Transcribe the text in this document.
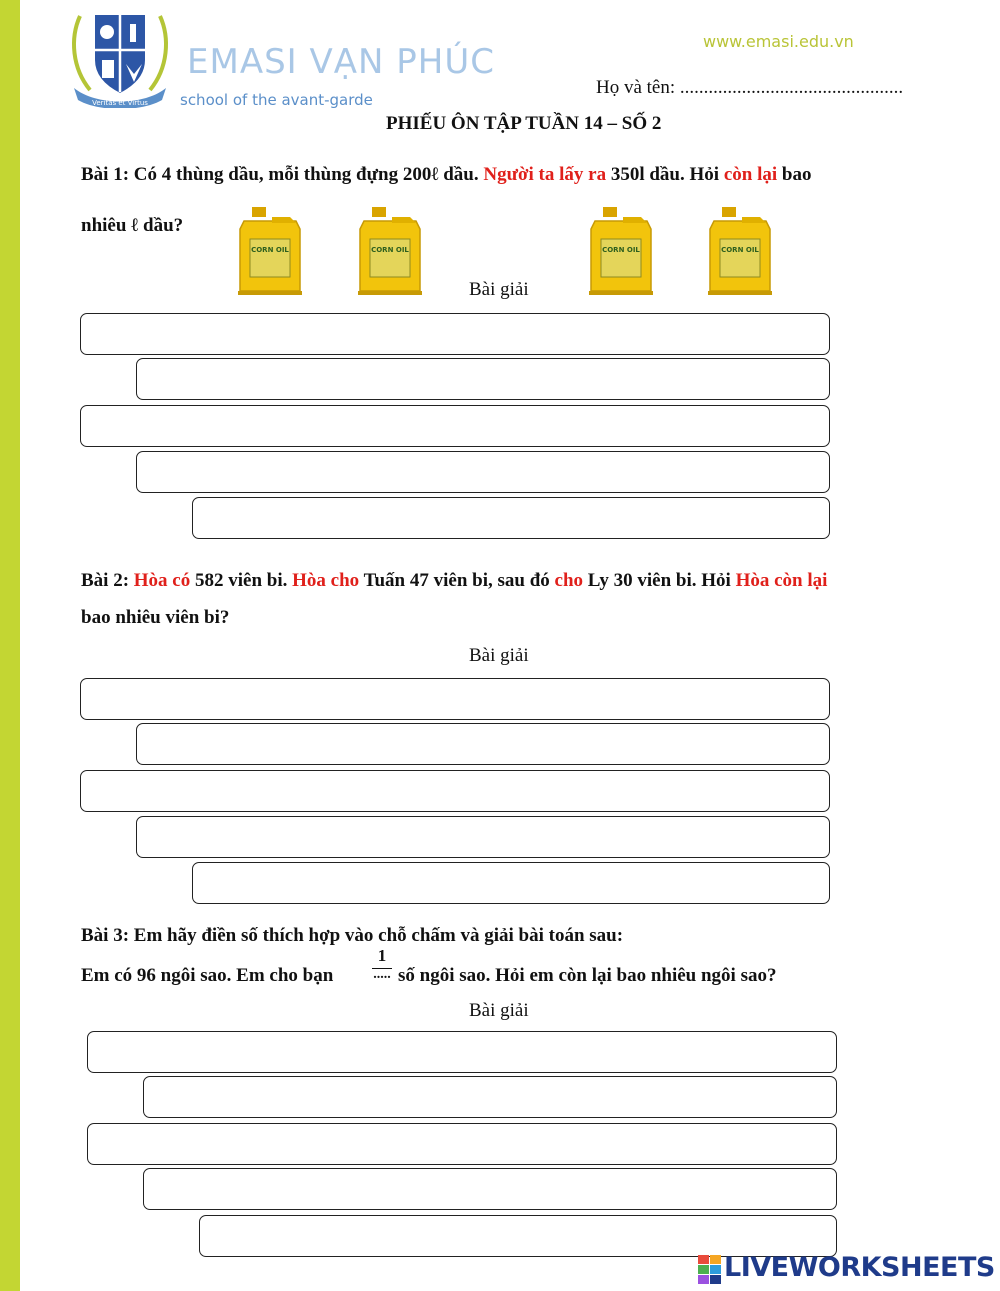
Veritas et Virtus
EMASI VẠN PHÚC
school of the avant-garde
www.emasi.edu.vn
Họ và tên: ...............................................
PHIẾU ÔN TẬP TUẦN 14 – SỐ 2
Bài 1: Có 4 thùng dầu, mỗi thùng đựng 200ℓ dầu. Người ta lấy ra 350l dầu. Hỏi còn lại bao
nhiêu ℓ dầu?
CORN OIL	CORN OIL	CORN OIL	CORN OIL
Bài giải
Bài 2: Hòa có 582 viên bi. Hòa cho Tuấn 47 viên bi, sau đó cho Ly 30 viên bi. Hỏi Hòa còn lại
bao nhiêu viên bi?
Bài giải
Bài 3: Em hãy điền số thích hợp vào chỗ chấm và giải bài toán sau:
Em có 96 ngôi sao. Em cho bạn
1
..... số ngôi sao. Hỏi em còn lại bao nhiêu ngôi sao?
Bài giải
LIVEWORKSHEETS
